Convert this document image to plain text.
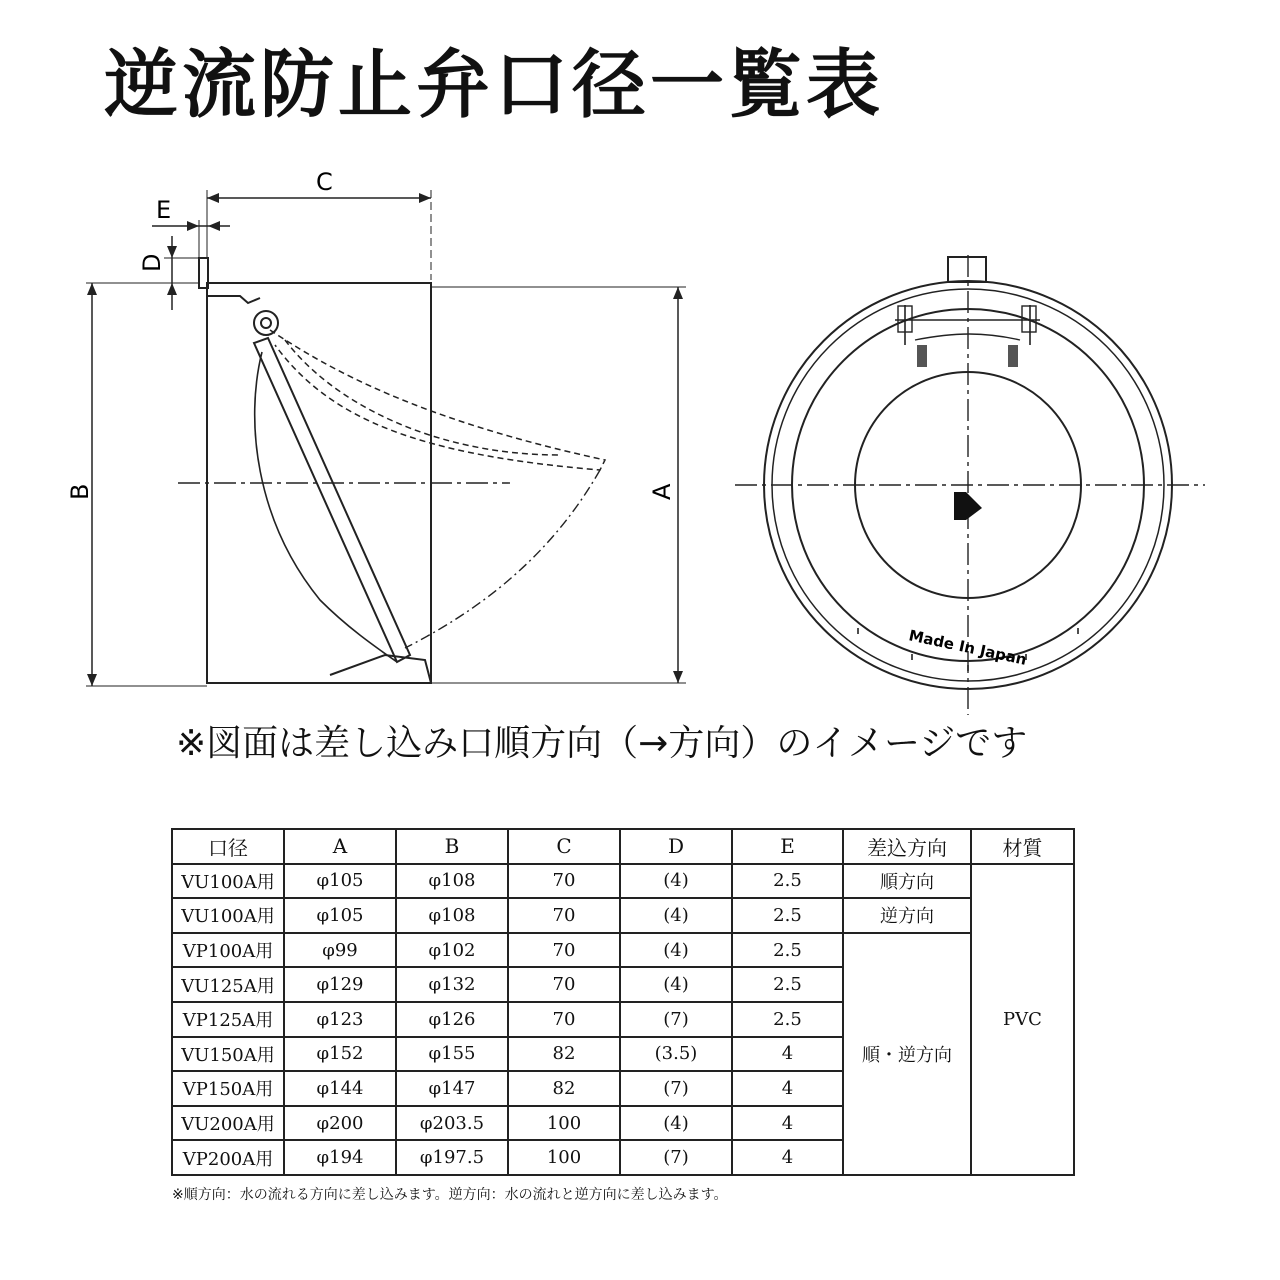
逆流防止弁口径一覧表
C
E
D
B	A
Made In Japan
※図面は差し込み口順方向（→方向）のイメージです
口径	A	B	C	D	E	差込方向	材質
VU100A用	φ105	φ108	70	(4)	2.5	順方向	PVC
VU100A用	φ105	φ108	70	(4)	2.5	逆方向	
VP100A用	φ99	φ102	70	(4)	2.5	順・逆方向	
VU125A用	φ129	φ132	70	(4)	2.5		
VP125A用	φ123	φ126	70	(7)	2.5		
VU150A用	φ152	φ155	82	(3.5)	4		
VP150A用	φ144	φ147	82	(7)	4		
VU200A用	φ200	φ203.5	100	(4)	4		
VP200A用	φ194	φ197.5	100	(7)	4		
※順方向：水の流れる方向に差し込みます。逆方向：水の流れと逆方向に差し込みます。
